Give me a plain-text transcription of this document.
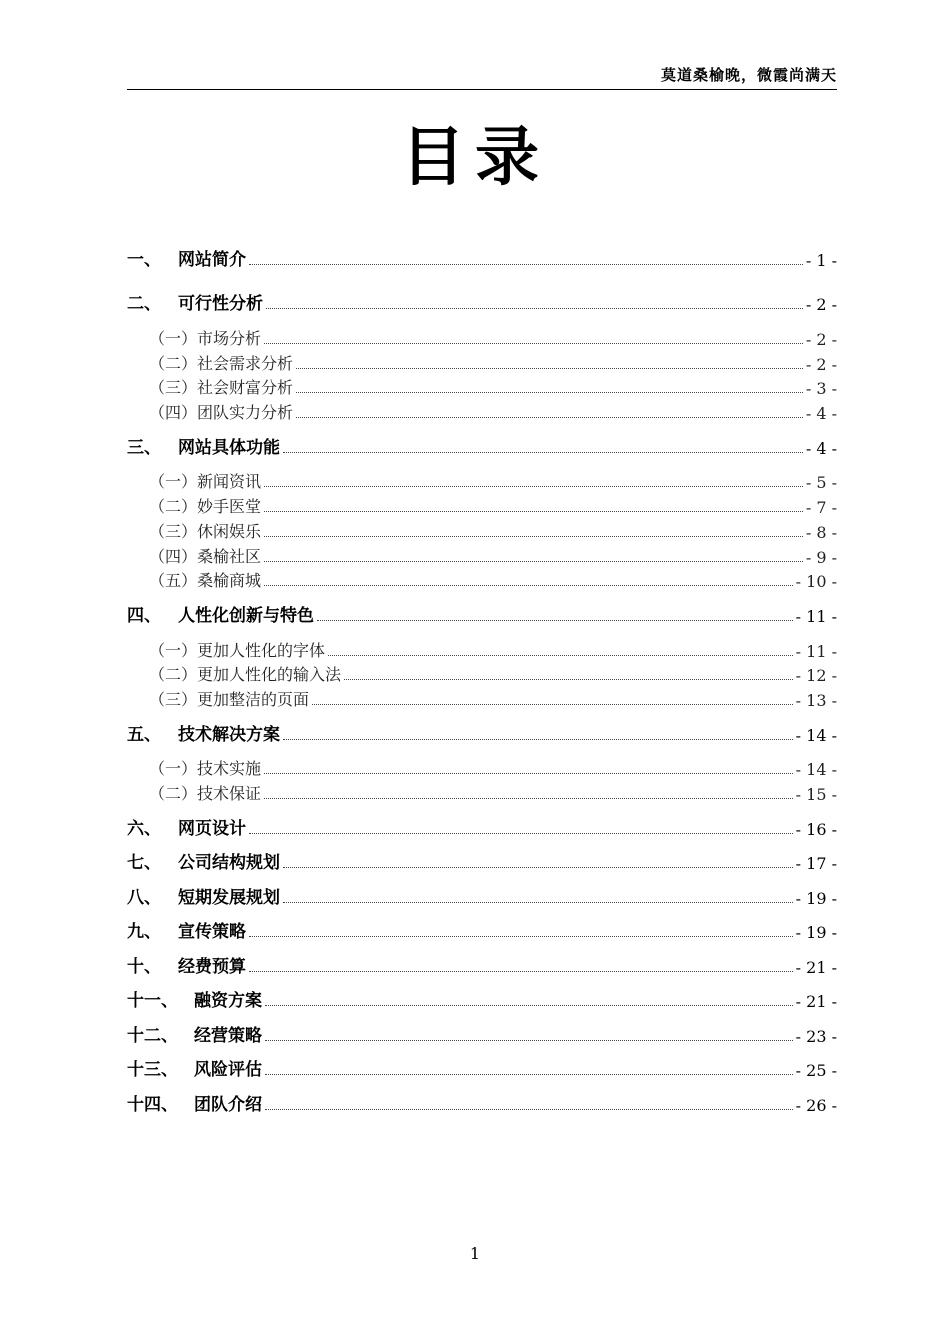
莫道桑榆晚，微霞尚满天
目录
一、	网站简介	- 1 -
二、	可行性分析	- 2 -
（一） 市场分析	- 2 -
（二） 社会需求分析	- 2 -
（三） 社会财富分析	- 3 -
（四） 团队实力分析	- 4 -
三、	网站具体功能	- 4 -
（一） 新闻资讯	- 5 -
（二） 妙手医堂	- 7 -
（三） 休闲娱乐	- 8 -
（四） 桑榆社区	- 9 -
（五） 桑榆商城	- 10 -
四、	人性化创新与特色	- 11 -
（一） 更加人性化的字体	- 11 -
（二） 更加人性化的输入法	- 12 -
（三） 更加整洁的页面	- 13 -
五、	技术解决方案	- 14 -
（一） 技术实施	- 14 -
（二） 技术保证	- 15 -
六、	网页设计	- 16 -
七、	公司结构规划	- 17 -
八、	短期发展规划	- 19 -
九、	宣传策略	- 19 -
十、	经费预算	- 21 -
十一、 融资方案	- 21 -
十二、 经营策略	- 23 -
十三、 风险评估	- 25 -
十四、 团队介绍	- 26 -
1
